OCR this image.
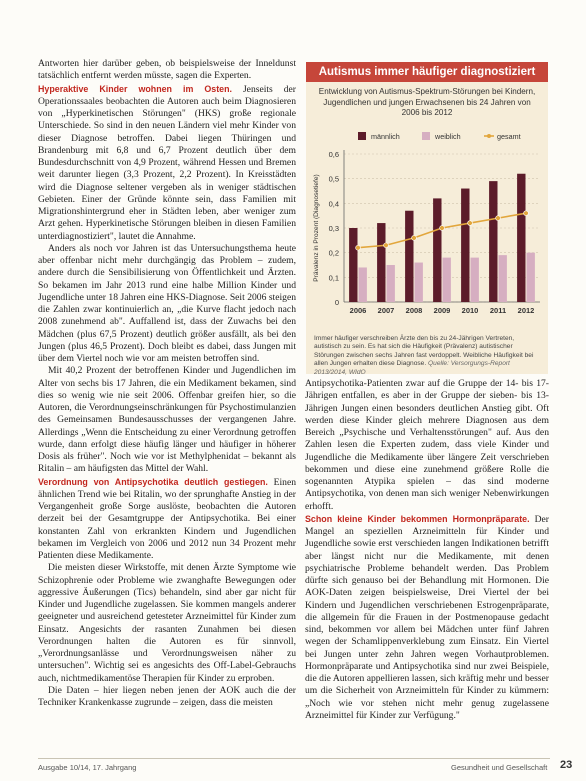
Antworten hier darüber geben, ob beispielsweise der Inneldunst tatsächlich entfernt werden müsste, sagen die Experten.

Hyperaktive Kinder wohnen im Osten. Jenseits der Operationssaales beobachten die Autoren auch beim Diagnosieren von „Hyperkinetischen Störungen" (HKS) große regionale Unterschiede. So sind in den neuen Ländern viel mehr Kinder von dieser Diagnose betroffen. Dabei liegen Thüringen und Brandenburg mit 6,8 und 6,7 Prozent deutlich über dem Bundesdurchschnitt von 4,9 Prozent, während Hessen und Bremen weit darunter liegen (3,3 Prozent, 2,2 Prozent). In Kreisstädten wird die Diagnose seltener vergeben als in weniger städtischen Gebieten. Einer der Gründe könnte sein, dass Familien mit Migrationshintergrund eher in Städten leben, aber weniger zum Arzt gehen. Hyperkinetische Störungen bleiben in diesen Familien unterdiagnostiziert", lautet die Annahme.

Anders als noch vor Jahren ist das Untersuchungsthema heute aber offenbar nicht mehr durchgängig das Problem – zudem, andere durch die Sensibilisierung von Öffentlichkeit und Ärzten. So bekamen im Jahr 2013 rund eine halbe Million Kinder und Jugendliche unter 18 Jahren eine HKS-Diagnose. Seit 2006 steigen die Zahlen zwar kontinuierlich an, „die Kurve flacht jedoch nach 2008 zunehmend ab". Auffallend ist, dass der Zuwachs bei den Mädchen (plus 67,5 Prozent) deutlich größer ausfällt, als bei den Jungen (plus 46,5 Prozent). Doch bleibt es dabei, dass Jungen mit über dem Viertel noch wie vor am meisten betroffen sind.

Mit 40,2 Prozent der betroffenen Kinder und Jugendlichen im Alter von sechs bis 17 Jahren, die ein Medikament bekamen, sind dies so wenig wie nie seit 2006. Offenbar greifen hier, so die Autoren, die Verordnungseinschränkungen für Psychostimulanzien des Gemeinsamen Bundesausschusses der vergangenen Jahre. Allerdings „Wenn die Entscheidung zu einer Verordnung getroffen wurde, dann erfolgt diese häufig länger und häufiger in höherer Dosis als früher". Noch wie vor ist Methylphenidat – bekannt als Ritalin – am häufigsten das Mittel der Wahl.

Verordnung von Antipsychotika deutlich gestiegen. Einen ähnlichen Trend wie bei Ritalin, wo der sprunghafte Anstieg in der Vergangenheit große Sorge auslöste, beobachten die Autoren derzeit bei der Gesamtgruppe der Antipsychotika. Bei einer konstanten Zahl von erkrankten Kindern und Jugendlichen bekamen im Vergleich von 2006 und 2012 nun 34 Prozent mehr Patienten diese Medikamente.

Die meisten dieser Wirkstoffe, mit denen Ärzte Symptome wie Schizophrenie oder Probleme wie zwanghafte Bewegungen oder aggressive Äußerungen (Tics) behandeln, sind aber gar nicht für Kinder und Jugendliche zugelassen. Sie kommen mangels anderer geeigneter und ausreichend getesteter Arzneimittel für Kinder zum Einsatz. Angesichts der rasanten Zunahmen bei diesen Verordnungen halten die Autoren es für sinnvoll, „Verordnungsanlässe und Verordnungsweisen näher zu untersuchen". Wichtig sei es angesichts des Off-Label-Gebrauchs auch, nichtmedikamentöse Therapien für Kinder zu erproben.

Die Daten – hier liegen neben jenen der AOK auch die der Techniker Krankenkasse zugrunde – zeigen, dass die meisten

Autismus immer häufiger diagnostiziert
Entwicklung von Autismus-Spektrum-Störungen bei Kindern, Jugendlichen und jungen Erwachsenen bis 24 Jahren von 2006 bis 2012
0
0,1
0,2
0,3
0,4
0,5
0,6
Prävalenz in Prozent (Diagnosetiefe)
2006 2007 2008 2009 2010 2011 2012
männlich	weiblich	gesamt
Immer häufiger verschreiben Ärzte den bis zu 24-Jährigen Vertreten, autistisch zu sein. Es hat sich die Häufigkeit (Prävalenz) autistischer Störungen zwischen sechs Jahren fast verdoppelt. Weibliche Häufigkeit bei allen Jungen erhalten diese Diagnose. Quelle: Versorgungs-Report 2013/2014, WIdO

Antipsychotika-Patienten zwar auf die Gruppe der 14- bis 17-Jährigen entfallen, es aber in der Gruppe der sieben- bis 13-Jährigen Jungen einen besonders deutlichen Anstieg gibt. Oft werden diese Kinder gleich mehrere Diagnosen aus dem Bereich „Psychische und Verhaltensstörungen" auf. Aus den Zahlen lesen die Experten zudem, dass viele Kinder und Jugendliche die Medikamente über längere Zeit verschrieben bekommen und diese eine zunehmend größere Rolle die sogenannten Atypika spielen – das sind moderne Antipsychotika, von denen man sich weniger Nebenwirkungen erhofft.

Schon kleine Kinder bekommen Hormonpräparate. Der Mangel an speziellen Arzneimitteln für Kinder und Jugendliche sowie erst verschieden langen Indikationen betrifft aber längst nicht nur die Medikamente, mit denen psychiatrische Probleme behandelt werden. Das Problem dürfte sich genauso bei der Behandlung mit Hormonen. Die AOK-Daten zeigen beispielsweise, Drei Viertel der bei Kindern und Jugendlichen verschriebenen Estrogenpräparate, die allgemein für die Frauen in der Postmenopause gedacht sind, bekommen vor allem bei Mädchen unter fünf Jahren wegen der Schamlippenverklebung zum Einsatz. Ein Viertel bei Jungen unter zehn Jahren wegen Vorhautproblemen. Hormonpräparate und Antipsychotika sind nur zwei Beispiele, die die Autoren appellieren lassen, sich kräftig mehr und besser um die Sicherheit von Arzneimitteln für Kinder zu kümmern: „Noch wie vor stehen nicht mehr genug zugelassene Arzneimittel für Kinder zur Verfügung."

Ausgabe 10/14, 17. Jahrgang	Gesundheit und Gesellschaft 23
